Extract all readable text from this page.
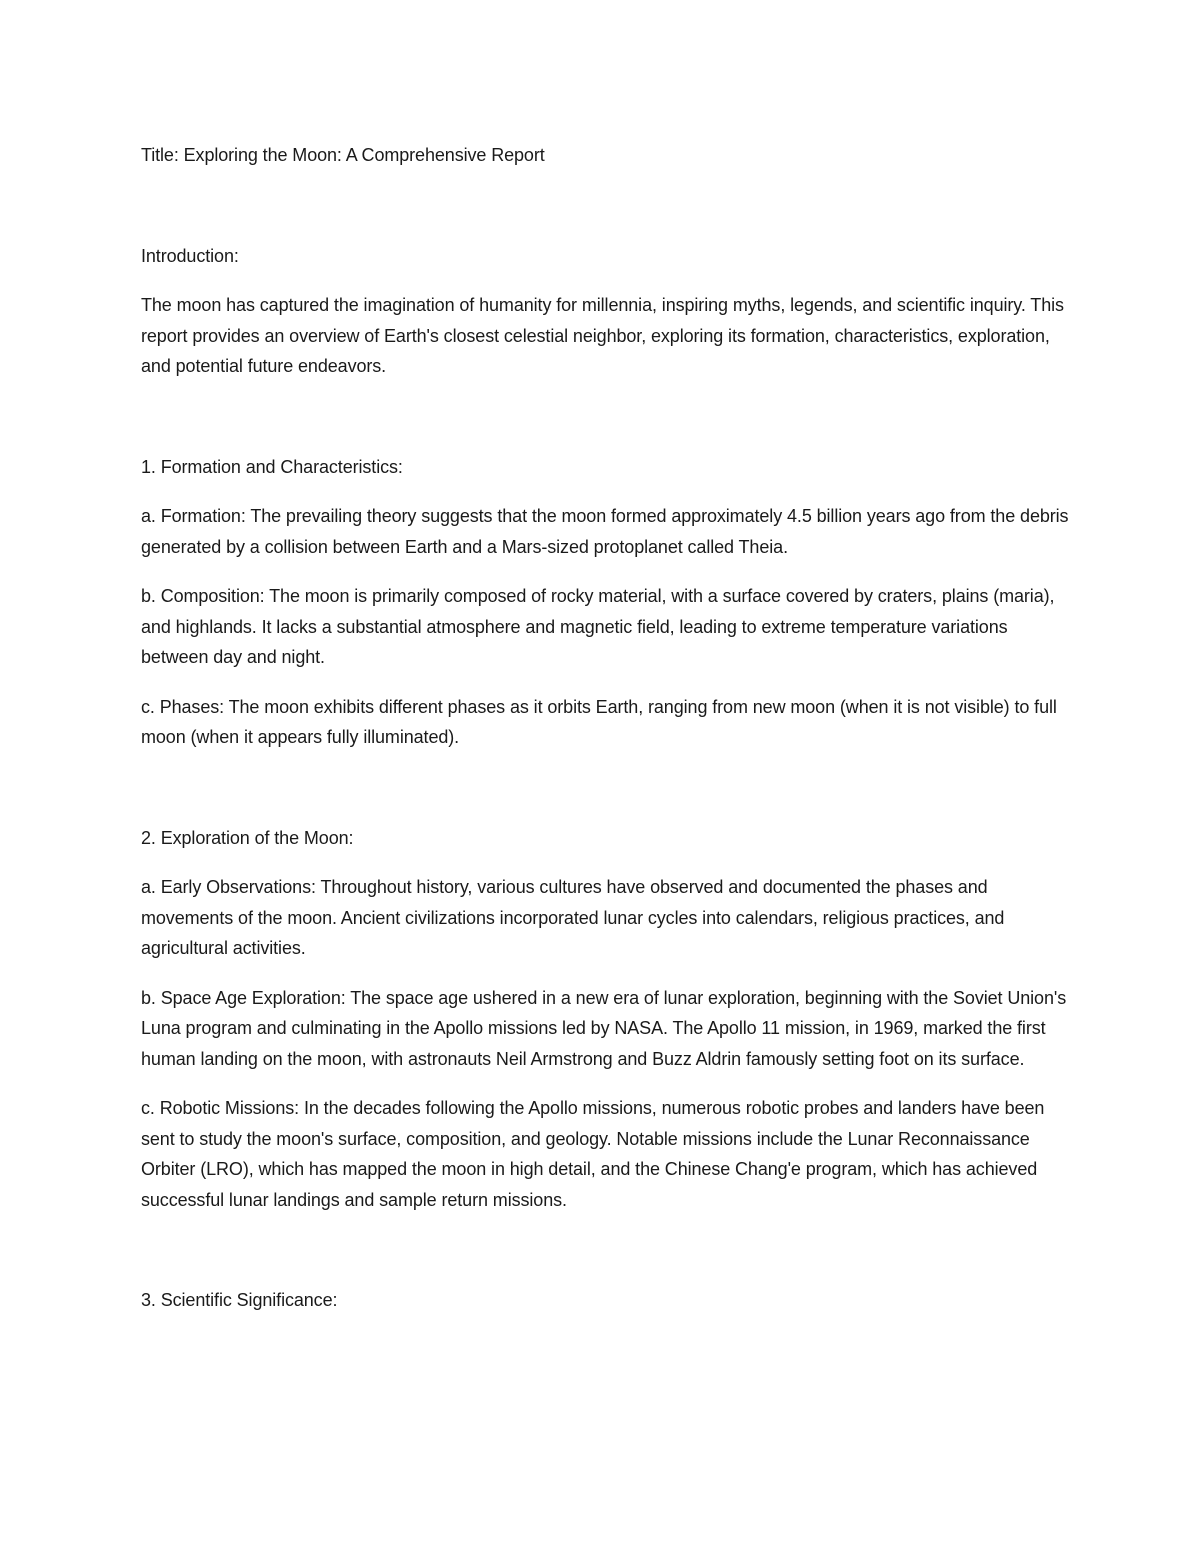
Title: Exploring the Moon: A Comprehensive Report

Introduction:

The moon has captured the imagination of humanity for millennia, inspiring myths, legends, and scientific inquiry. This report provides an overview of Earth's closest celestial neighbor, exploring its formation, characteristics, exploration, and potential future endeavors.

1. Formation and Characteristics:

a. Formation: The prevailing theory suggests that the moon formed approximately 4.5 billion years ago from the debris generated by a collision between Earth and a Mars-sized protoplanet called Theia.

b. Composition: The moon is primarily composed of rocky material, with a surface covered by craters, plains (maria), and highlands. It lacks a substantial atmosphere and magnetic field, leading to extreme temperature variations between day and night.

c. Phases: The moon exhibits different phases as it orbits Earth, ranging from new moon (when it is not visible) to full moon (when it appears fully illuminated).

2. Exploration of the Moon:

a. Early Observations: Throughout history, various cultures have observed and documented the phases and movements of the moon. Ancient civilizations incorporated lunar cycles into calendars, religious practices, and agricultural activities.

b. Space Age Exploration: The space age ushered in a new era of lunar exploration, beginning with the Soviet Union's Luna program and culminating in the Apollo missions led by NASA. The Apollo 11 mission, in 1969, marked the first human landing on the moon, with astronauts Neil Armstrong and Buzz Aldrin famously setting foot on its surface.

c. Robotic Missions: In the decades following the Apollo missions, numerous robotic probes and landers have been sent to study the moon's surface, composition, and geology. Notable missions include the Lunar Reconnaissance Orbiter (LRO), which has mapped the moon in high detail, and the Chinese Chang'e program, which has achieved successful lunar landings and sample return missions.

3. Scientific Significance:
